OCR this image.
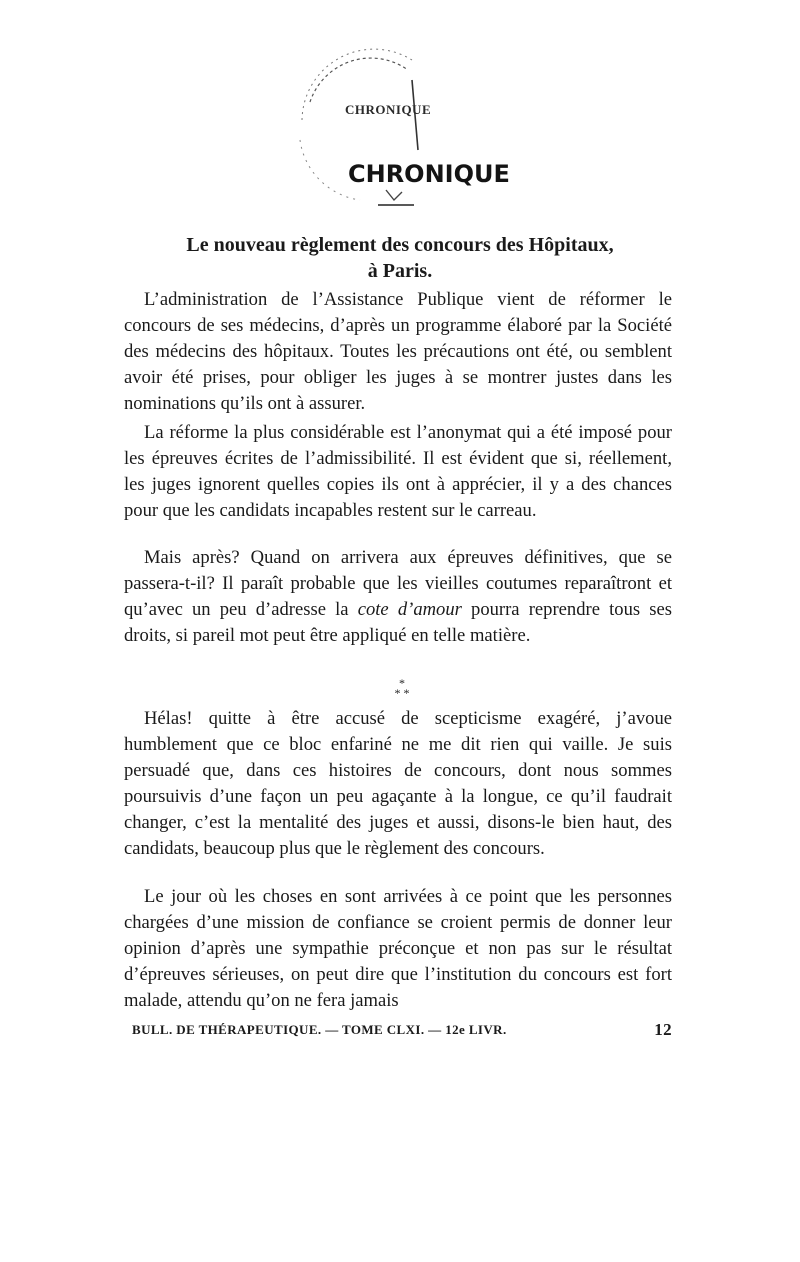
CHRONIQUE
CHRONIQUE
Le nouveau règlement des concours des Hôpitaux,
à Paris.

L’administration de l’Assistance Publique vient de réformer le concours de ses médecins, d’après un programme élaboré par la Société des médecins des hôpitaux. Toutes les précautions ont été, ou semblent avoir été prises, pour obliger les juges à se montrer justes dans les nominations qu’ils ont à assurer.

La réforme la plus considérable est l’anonymat qui a été imposé pour les épreuves écrites de l’admissibilité. Il est évident que si, réellement, les juges ignorent quelles copies ils ont à apprécier, il y a des chances pour que les candidats incapables restent sur le carreau.

Mais après? Quand on arrivera aux épreuves définitives, que se passera-t-il? Il paraît probable que les vieilles coutumes reparaîtront et qu’avec un peu d’adresse la cote d’amour pourra reprendre tous ses droits, si pareil mot peut être appliqué en telle matière.

*
* *

Hélas! quitte à être accusé de scepticisme exagéré, j’avoue humblement que ce bloc enfariné ne me dit rien qui vaille. Je suis persuadé que, dans ces histoires de concours, dont nous sommes poursuivis d’une façon un peu agaçante à la longue, ce qu’il faudrait changer, c’est la mentalité des juges et aussi, disons-le bien haut, des candidats, beaucoup plus que le règlement des concours.

Le jour où les choses en sont arrivées à ce point que les personnes chargées d’une mission de confiance se croient permis de donner leur opinion d’après une sympathie préconçue et non pas sur le résultat d’épreuves sérieuses, on peut dire que l’institution du concours est fort malade, attendu qu’on ne fera jamais

BULL. DE THÉRAPEUTIQUE. — TOME CLXI. — 12e LIVR.	12
